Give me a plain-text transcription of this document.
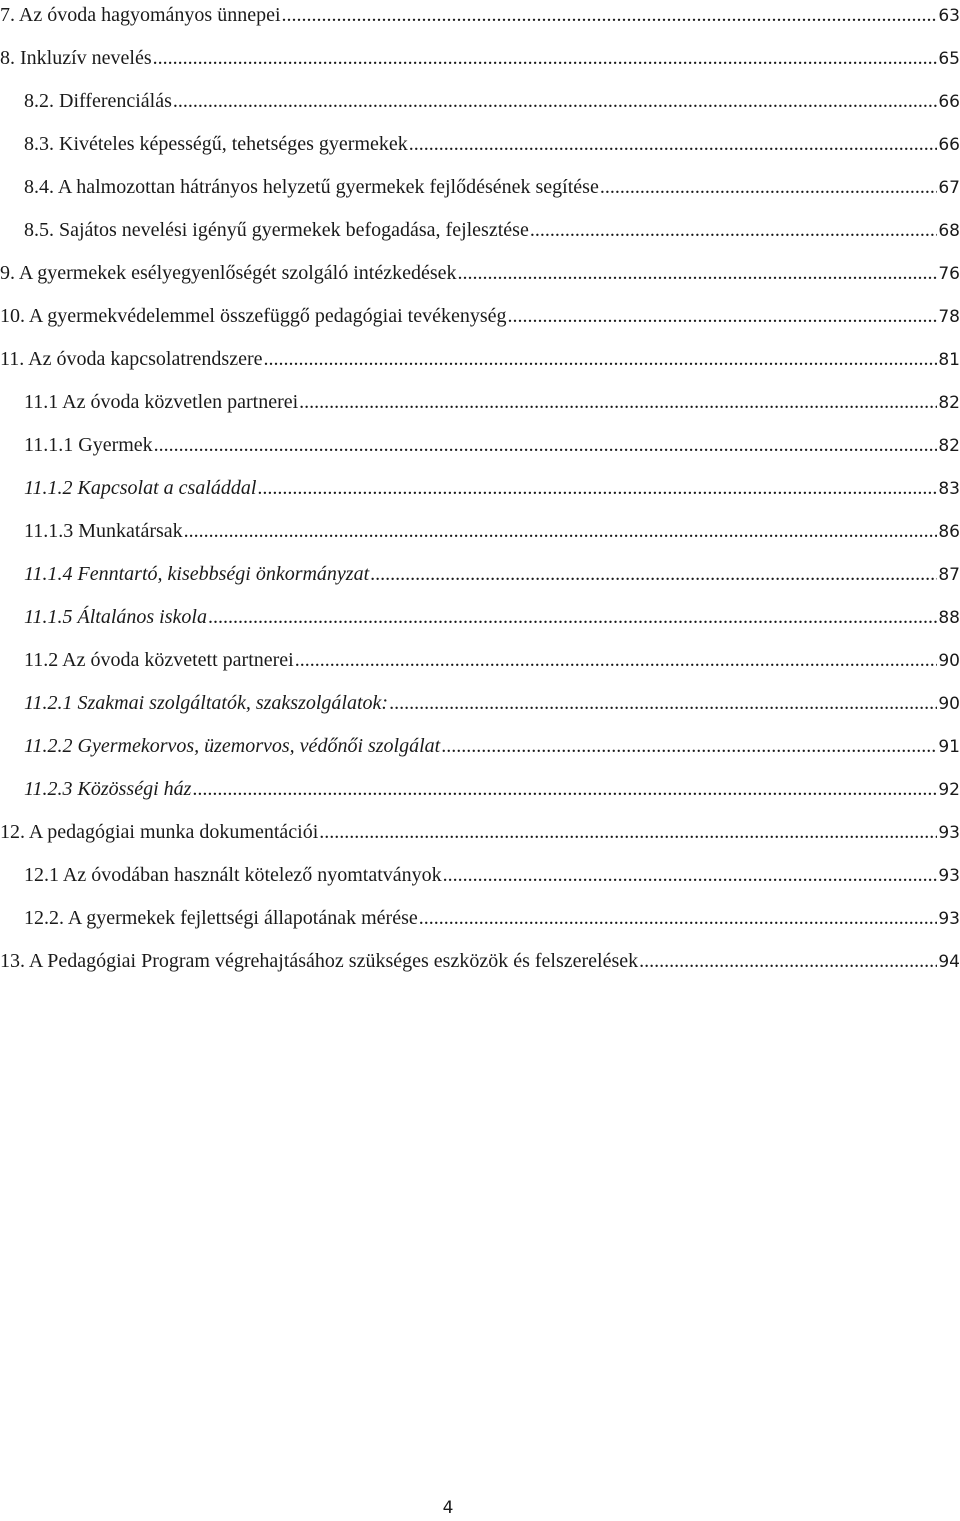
7. Az óvoda hagyományos ünnepei .....	63
8. Inkluzív nevelés .....	65
8.2. Differenciálás .....	66
8.3. Kivételes képességű, tehetséges gyermekek .....	66
8.4. A halmozottan hátrányos helyzetű gyermekek fejlődésének segítése .....	67
8.5. Sajátos nevelési igényű gyermekek befogadása, fejlesztése .....	68
9. A gyermekek esélyegyenlőségét szolgáló intézkedések .....	76
10. A gyermekvédelemmel összefüggő pedagógiai tevékenység .....	78
11. Az óvoda kapcsolatrendszere .....	81
11.1 Az óvoda közvetlen partnerei .....	82
11.1.1 Gyermek .....	82
11.1.2 Kapcsolat a családdal .....	83
11.1.3 Munkatársak .....	86
11.1.4 Fenntartó, kisebbségi önkormányzat .....	87
11.1.5 Általános iskola .....	88
11.2 Az óvoda közvetett partnerei .....	90
11.2.1 Szakmai szolgáltatók, szakszolgálatok: .....	90
11.2.2 Gyermekorvos, üzemorvos, védőnői szolgálat .....	91
11.2.3 Közösségi ház .....	92
12. A pedagógiai munka dokumentációi .....	93
12.1 Az óvodában használt kötelező nyomtatványok .....	93
12.2. A gyermekek fejlettségi állapotának mérése .....	93
13. A Pedagógiai Program végrehajtásához szükséges eszközök és felszerelések .....	94
4
